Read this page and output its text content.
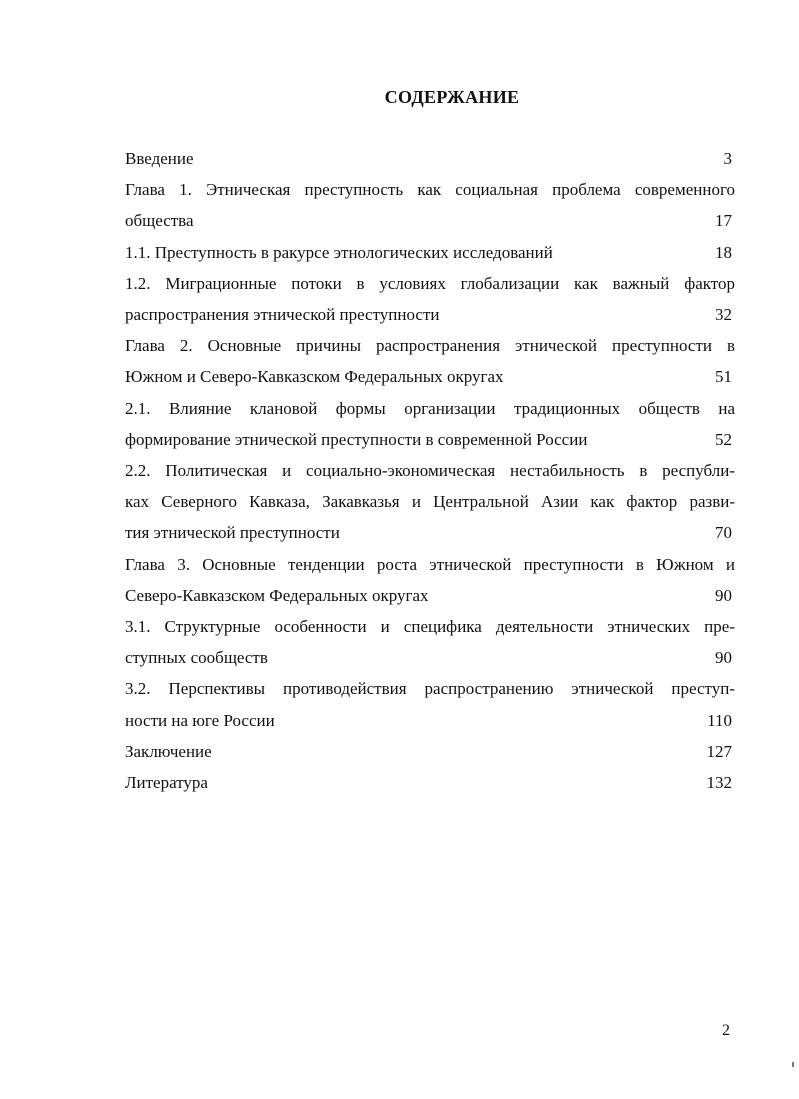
СОДЕРЖАНИЕ
Введение	3
Глава 1. Этническая преступность как социальная проблема современного
общества	17
1.1. Преступность в ракурсе этнологических исследований	18
1.2. Миграционные потоки в условиях глобализации как важный фактор
распространения этнической преступности	32
Глава 2. Основные причины распространения этнической преступности в
Южном и Северо-Кавказском Федеральных округах	51
2.1. Влияние клановой формы организации традиционных обществ на
формирование этнической преступности в современной России	52
2.2. Политическая и социально-экономическая нестабильность в республи-
ках Северного Кавказа, Закавказья и Центральной Азии как фактор разви-
тия этнической преступности	70
Глава 3. Основные тенденции роста этнической преступности в Южном и
Северо-Кавказском Федеральных округах	90
3.1. Структурные особенности и специфика деятельности этнических пре-
ступных сообществ	90
3.2. Перспективы противодействия распространению этнической преступ-
ности на юге России	110
Заключение	127
Литература	132
2
